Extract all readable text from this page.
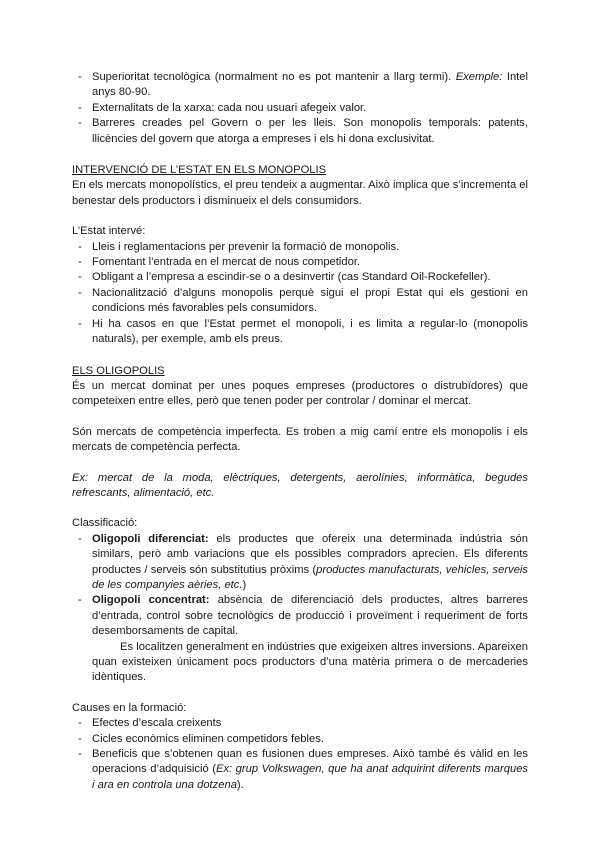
- Superioritat tecnològica (normalment no es pot mantenir a llarg termi). Exemple: Intel anys 80-90.
- Externalitats de la xarxa: cada nou usuari afegeix valor.
- Barreres creades pel Govern o per les lleis. Son monopolis temporals: patents, llicències del govern que atorga a empreses i els hi dona exclusivitat.

INTERVENCIÓ DE L’ESTAT EN ELS MONOPOLIS

En els mercats monopolístics, el preu tendeix a augmentar. Això implica que s’incrementa el benestar dels productors i disminueix el dels consumidors.

L’Estat intervé:

- Lleis i reglamentacions per prevenir la formació de monopolis.
- Fomentant l’entrada en el mercat de nous competidor.
- Obligant a l’empresa a escindir-se o a desinvertir (cas Standard Oil-Rockefeller).
- Nacionalització d’alguns monopolis perquè sigui el propi Estat qui els gestioni en condicions més favorables pels consumidors.
- Hi ha casos en que l’Estat permet el monopoli, i es limita a regular-lo (monopolis naturals), per exemple, amb els preus.

ELS OLIGOPOLIS

És un mercat dominat per unes poques empreses (productores o distrubïdores) que competeixen entre elles, però que tenen poder per controlar / dominar el mercat.

Són mercats de competència imperfecta. Es troben a mig camí entre els monopolis i els mercats de competència perfecta.

Ex: mercat de la moda, elèctriques, detergents, aerolínies, informàtica, begudes refrescants, alimentació, etc.

Classificació:

- Oligopoli diferenciat: els productes que ofereix una determinada indústria són similars, però amb variacions que els possibles compradors aprecien. Els diferents productes / serveis són substitutius pròxims (productes manufacturats, vehicles, serveis de les companyies aèries, etc.)
- Oligopoli concentrat: absència de diferenciació dels productes, altres barreres d’entrada, control sobre tecnològics de producció i proveïment i requeriment de forts desemborsaments de capital.

Es localitzen generalment en indústries que exigeixen altres inversions. Apareixen quan existeixen únicament pocs productors d’una matèria primera o de mercaderies idèntiques.

Causes en la formació:

- Efectes d’escala creixents
- Cicles econòmics eliminen competidors febles.
- Beneficis que s’obtenen quan es fusionen dues empreses. Això també és vàlid en les operacions d’adquisició (Ex: grup Volkswagen, que ha anat adquirint diferents marques i ara en controla una dotzena).
